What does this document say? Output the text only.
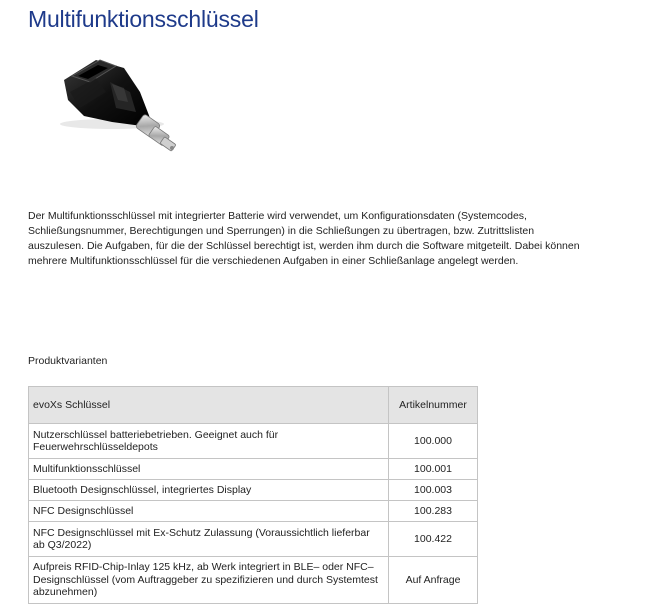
Multifunktionsschlüssel

Der Multifunktionsschlüssel mit integrierter Batterie wird verwendet, um Konfigurationsdaten (Systemcodes, Schließungsnummer, Berechtigungen und Sperrungen) in die Schließungen zu übertragen, bzw. Zutrittslisten auszulesen. Die Aufgaben, für die der Schlüssel berechtigt ist, werden ihm durch die Software mitgeteilt. Dabei können mehrere Multifunktionsschlüssel für die verschiedenen Aufgaben in einer Schließanlage angelegt werden.

Produktvarianten

evoXs Schlüssel	Artikelnummer
Nutzerschlüssel batteriebetrieben. Geeignet auch für Feuerwehrschlüsseldepots	100.000
Multifunktionsschlüssel	100.001
Bluetooth Designschlüssel, integriertes Display	100.003
NFC Designschlüssel	100.283
NFC Designschlüssel mit Ex-Schutz Zulassung (Voraussichtlich lieferbar ab Q3/2022)	100.422
Aufpreis RFID-Chip-Inlay 125 kHz, ab Werk integriert in BLE– oder NFC–Designschlüssel (vom Auftraggeber zu spezifizieren und durch Systemtest abzunehmen)	Auf Anfrage
